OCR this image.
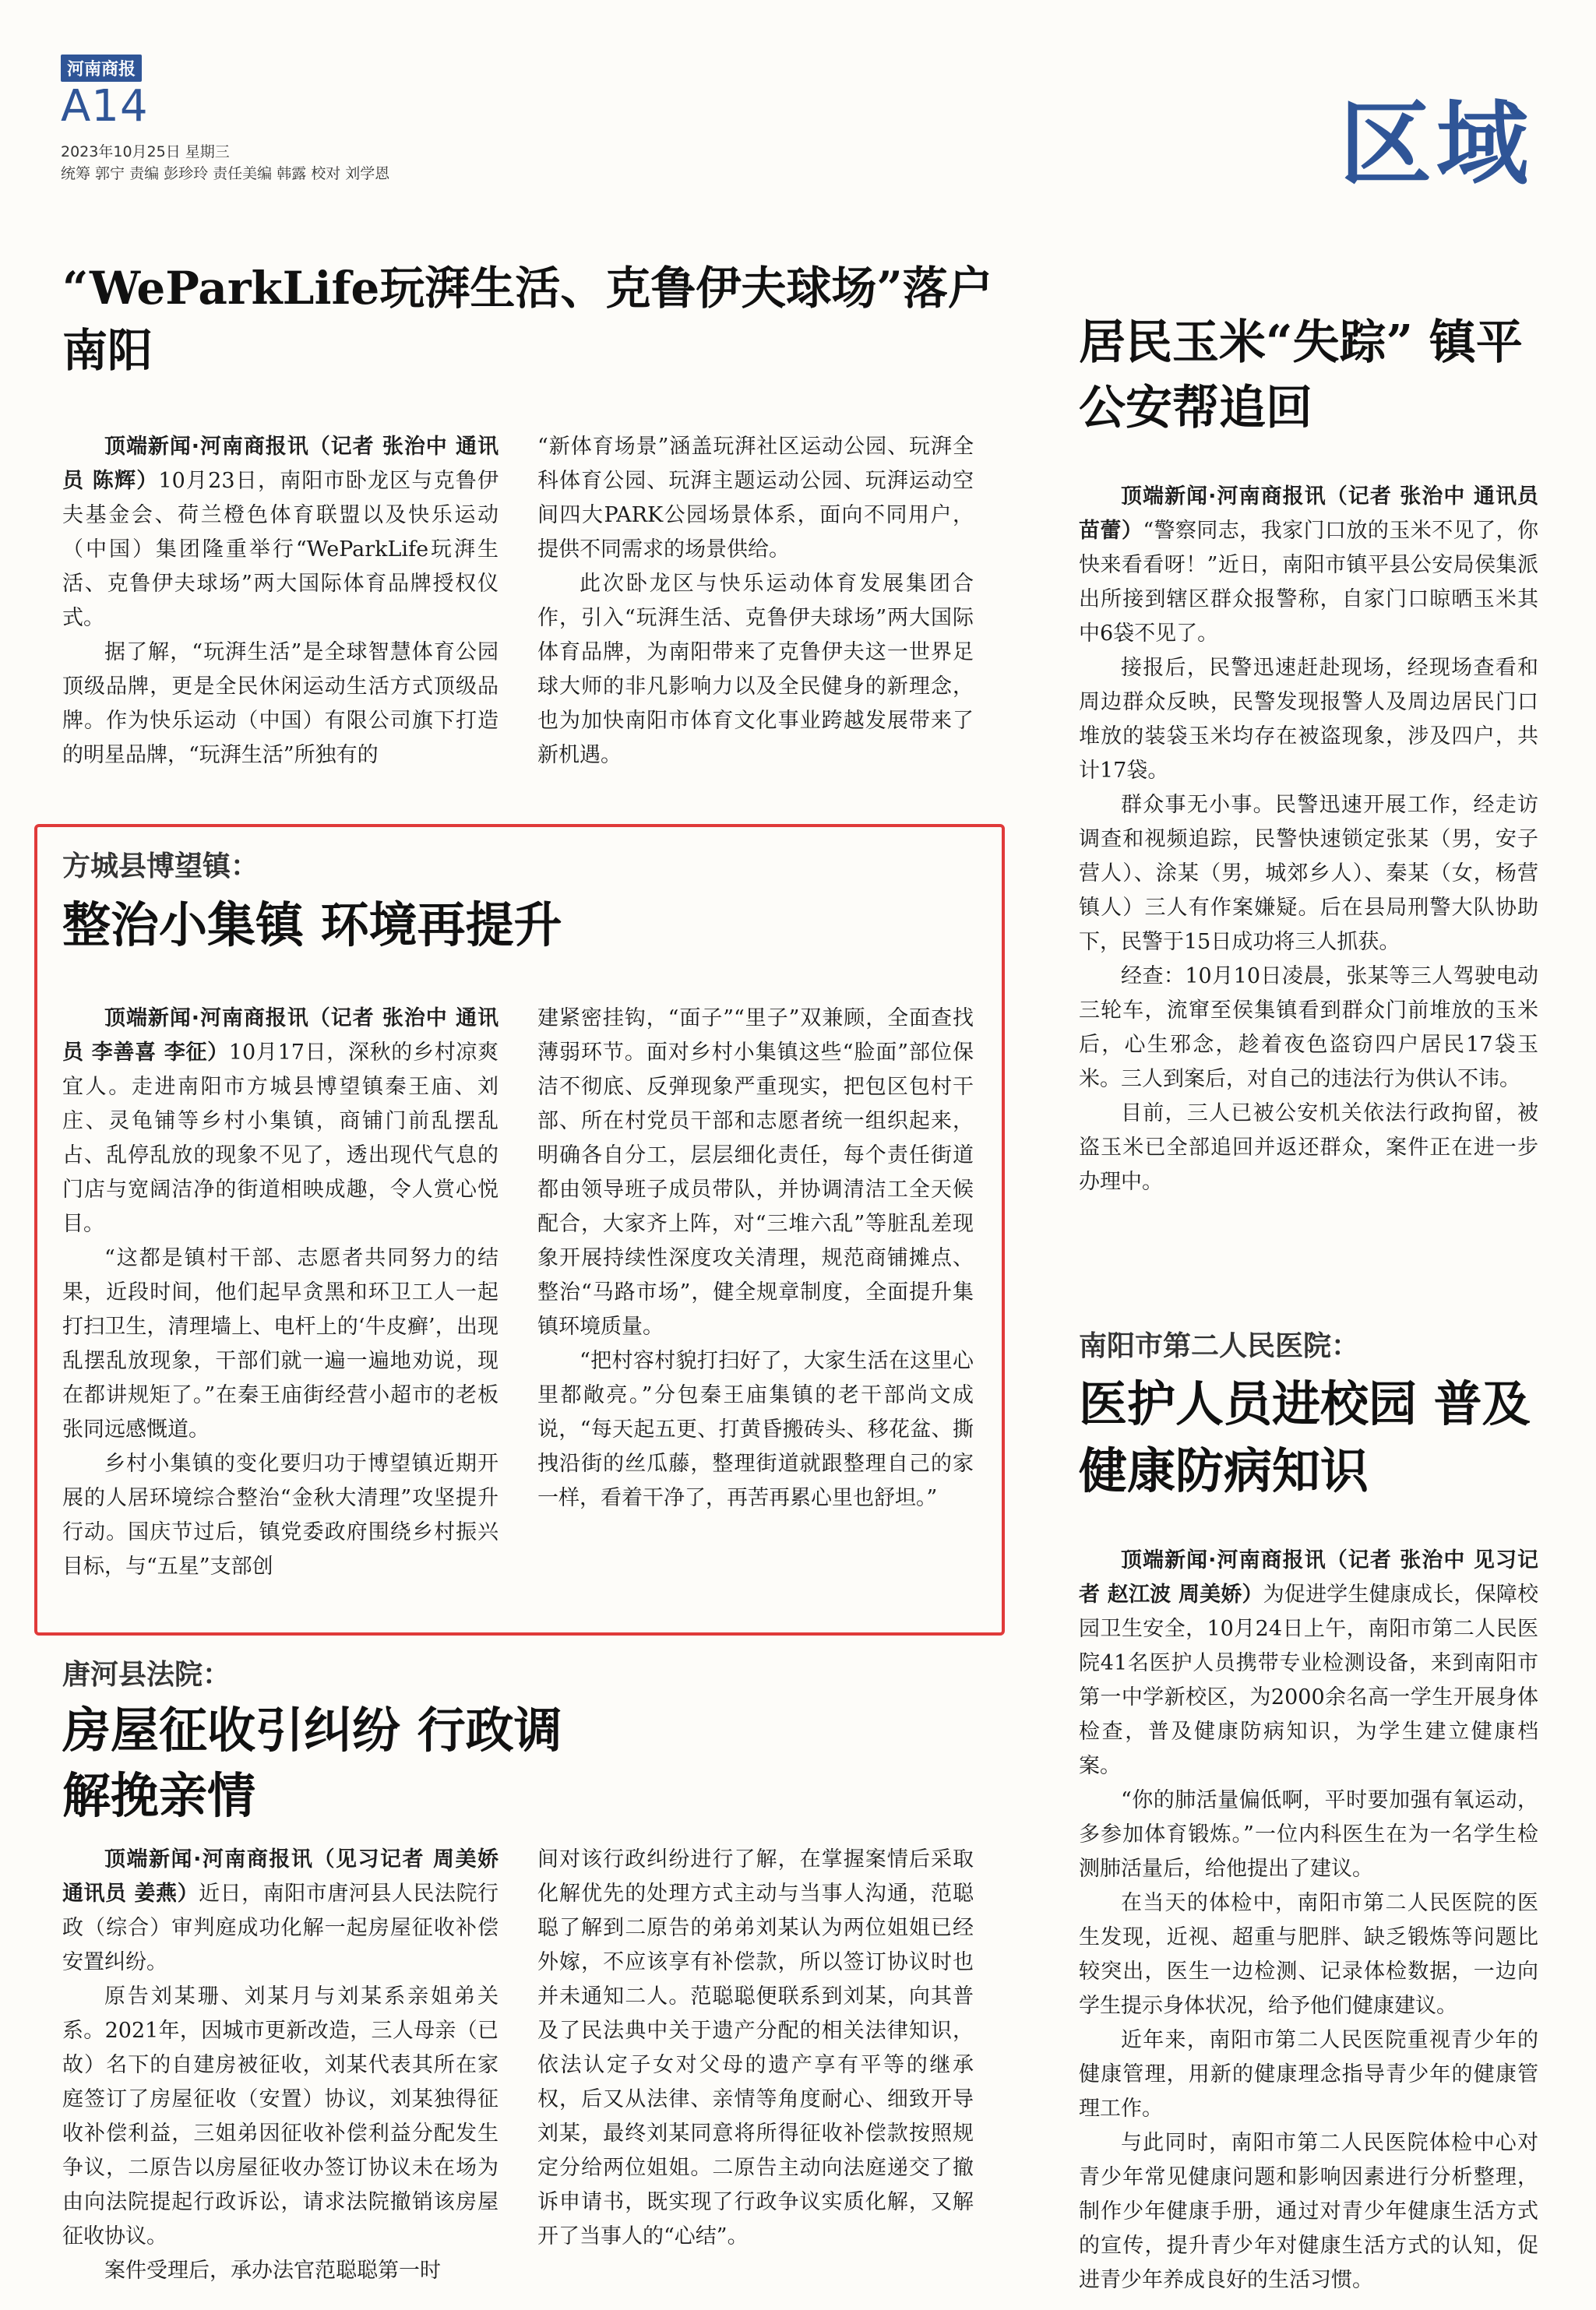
河南商报
A14
2023年10月25日 星期三
统筹 郭宁 责编 彭珍玲 责任美编 韩露 校对 刘学恩	区域
“WeParkLife玩湃生活、克鲁伊夫球场”落户南阳

顶端新闻·河南商报讯（记者 张治中 通讯员 陈辉）10月23日，南阳市卧龙区与克鲁伊夫基金会、荷兰橙色体育联盟以及快乐运动（中国）集团隆重举行“WeParkLife玩湃生活、克鲁伊夫球场”两大国际体育品牌授权仪式。

据了解，“玩湃生活”是全球智慧体育公园顶级品牌，更是全民休闲运动生活方式顶级品牌。作为快乐运动（中国）有限公司旗下打造的明星品牌，“玩湃生活”所独有的

“新体育场景”涵盖玩湃社区运动公园、玩湃全科体育公园、玩湃主题运动公园、玩湃运动空间四大PARK公园场景体系，面向不同用户，提供不同需求的场景供给。

此次卧龙区与快乐运动体育发展集团合作，引入“玩湃生活、克鲁伊夫球场”两大国际体育品牌，为南阳带来了克鲁伊夫这一世界足球大师的非凡影响力以及全民健身的新理念，也为加快南阳市体育文化事业跨越发展带来了新机遇。

方城县博望镇：
整治小集镇 环境再提升

顶端新闻·河南商报讯（记者 张治中 通讯员 李善喜 李征）10月17日，深秋的乡村凉爽宜人。走进南阳市方城县博望镇秦王庙、刘庄、灵龟铺等乡村小集镇，商铺门前乱摆乱占、乱停乱放的现象不见了，透出现代气息的门店与宽阔洁净的街道相映成趣，令人赏心悦目。

“这都是镇村干部、志愿者共同努力的结果，近段时间，他们起早贪黑和环卫工人一起打扫卫生，清理墙上、电杆上的‘牛皮癣’，出现乱摆乱放现象，干部们就一遍一遍地劝说，现在都讲规矩了。”在秦王庙街经营小超市的老板张同远感慨道。

乡村小集镇的变化要归功于博望镇近期开展的人居环境综合整治“金秋大清理”攻坚提升行动。国庆节过后，镇党委政府围绕乡村振兴目标，与“五星”支部创

建紧密挂钩，“面子”“里子”双兼顾，全面查找薄弱环节。面对乡村小集镇这些“脸面”部位保洁不彻底、反弹现象严重现实，把包区包村干部、所在村党员干部和志愿者统一组织起来，明确各自分工，层层细化责任，每个责任街道都由领导班子成员带队，并协调清洁工全天候配合，大家齐上阵，对“三堆六乱”等脏乱差现象开展持续性深度攻关清理，规范商铺摊点、整治“马路市场”，健全规章制度，全面提升集镇环境质量。

“把村容村貌打扫好了，大家生活在这里心里都敞亮。”分包秦王庙集镇的老干部尚文成说，“每天起五更、打黄昏搬砖头、移花盆、撕拽沿街的丝瓜藤，整理街道就跟整理自己的家一样，看着干净了，再苦再累心里也舒坦。”

唐河县法院：
房屋征收引纠纷 行政调解挽亲情

顶端新闻·河南商报讯（见习记者 周美娇 通讯员 姜燕）近日，南阳市唐河县人民法院行政（综合）审判庭成功化解一起房屋征收补偿安置纠纷。

原告刘某珊、刘某月与刘某系亲姐弟关系。2021年，因城市更新改造，三人母亲（已故）名下的自建房被征收，刘某代表其所在家庭签订了房屋征收（安置）协议，刘某独得征收补偿利益，三姐弟因征收补偿利益分配发生争议，二原告以房屋征收办签订协议未在场为由向法院提起行政诉讼，请求法院撤销该房屋征收协议。

案件受理后，承办法官范聪聪第一时

间对该行政纠纷进行了解，在掌握案情后采取化解优先的处理方式主动与当事人沟通，范聪聪了解到二原告的弟弟刘某认为两位姐姐已经外嫁，不应该享有补偿款，所以签订协议时也并未通知二人。范聪聪便联系到刘某，向其普及了民法典中关于遗产分配的相关法律知识，依法认定子女对父母的遗产享有平等的继承权，后又从法律、亲情等角度耐心、细致开导刘某，最终刘某同意将所得征收补偿款按照规定分给两位姐姐。二原告主动向法庭递交了撤诉申请书，既实现了行政争议实质化解，又解开了当事人的“心结”。

居民玉米“失踪” 镇平公安帮追回

顶端新闻·河南商报讯（记者 张治中 通讯员 苗蕾）“警察同志，我家门口放的玉米不见了，你快来看看呀！”近日，南阳市镇平县公安局侯集派出所接到辖区群众报警称，自家门口晾晒玉米其中6袋不见了。

接报后，民警迅速赶赴现场，经现场查看和周边群众反映，民警发现报警人及周边居民门口堆放的装袋玉米均存在被盗现象，涉及四户，共计17袋。

群众事无小事。民警迅速开展工作，经走访调查和视频追踪，民警快速锁定张某（男，安子营人）、涂某（男，城郊乡人）、秦某（女，杨营镇人）三人有作案嫌疑。后在县局刑警大队协助下，民警于15日成功将三人抓获。

经查：10月10日凌晨，张某等三人驾驶电动三轮车，流窜至侯集镇看到群众门前堆放的玉米后，心生邪念，趁着夜色盗窃四户居民17袋玉米。三人到案后，对自己的违法行为供认不讳。

目前，三人已被公安机关依法行政拘留，被盗玉米已全部追回并返还群众，案件正在进一步办理中。

南阳市第二人民医院：
医护人员进校园 普及健康防病知识

顶端新闻·河南商报讯（记者 张治中 见习记者 赵江波 周美娇）为促进学生健康成长，保障校园卫生安全，10月24日上午，南阳市第二人民医院41名医护人员携带专业检测设备，来到南阳市第一中学新校区，为2000余名高一学生开展身体检查，普及健康防病知识，为学生建立健康档案。

“你的肺活量偏低啊，平时要加强有氧运动，多参加体育锻炼。”一位内科医生在为一名学生检测肺活量后，给他提出了建议。

在当天的体检中，南阳市第二人民医院的医生发现，近视、超重与肥胖、缺乏锻炼等问题比较突出，医生一边检测、记录体检数据，一边向学生提示身体状况，给予他们健康建议。

近年来，南阳市第二人民医院重视青少年的健康管理，用新的健康理念指导青少年的健康管理工作。

与此同时，南阳市第二人民医院体检中心对青少年常见健康问题和影响因素进行分析整理，制作少年健康手册，通过对青少年健康生活方式的宣传，提升青少年对健康生活方式的认知，促进青少年养成良好的生活习惯。
